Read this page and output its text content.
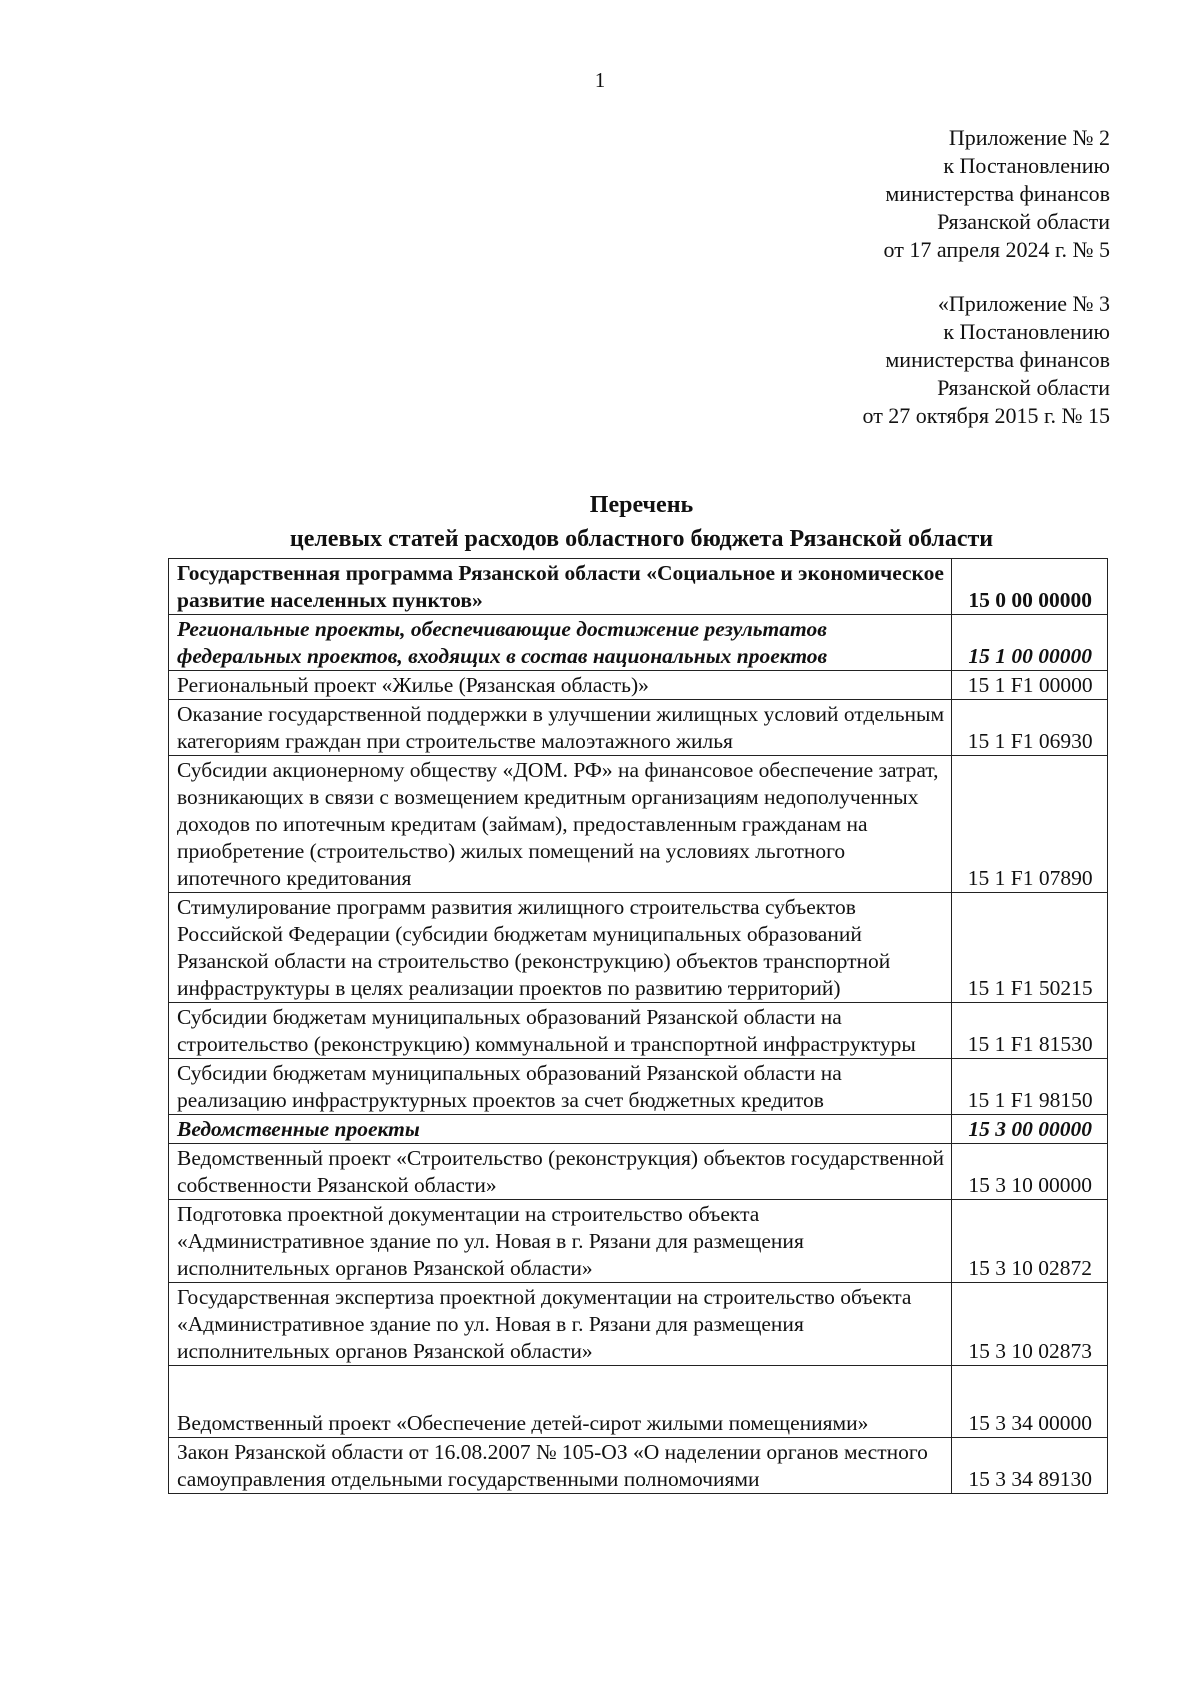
1
Приложение № 2
к Постановлению
министерства финансов
Рязанской области
от 17 апреля 2024 г. № 5
«Приложение № 3
к Постановлению
министерства финансов
Рязанской области
от 27 октября 2015 г. № 15
Перечень
целевых статей расходов областного бюджета Рязанской области
Государственная программа Рязанской области «Социальное и экономическое развитие населенных пунктов»	15 0 00 00000
Региональные проекты, обеспечивающие достижение результатов федеральных проектов, входящих в состав национальных проектов	15 1 00 00000
Региональный проект «Жилье (Рязанская область)»	15 1 F1 00000
Оказание государственной поддержки в улучшении жилищных условий отдельным категориям граждан при строительстве малоэтажного жилья	15 1 F1 06930
Субсидии акционерному обществу «ДОМ. РФ» на финансовое обеспечение затрат, возникающих в связи с возмещением кредитным организациям недополученных доходов по ипотечным кредитам (займам), предоставленным гражданам на приобретение (строительство) жилых помещений на условиях льготного ипотечного кредитования	15 1 F1 07890
Стимулирование программ развития жилищного строительства субъектов Российской Федерации (субсидии бюджетам муниципальных образований Рязанской области на строительство (реконструкцию) объектов транспортной инфраструктуры в целях реализации проектов по развитию территорий)	15 1 F1 50215
Субсидии бюджетам муниципальных образований Рязанской области на строительство (реконструкцию) коммунальной и транспортной инфраструктуры	15 1 F1 81530
Субсидии бюджетам муниципальных образований Рязанской области на реализацию инфраструктурных проектов за счет бюджетных кредитов	15 1 F1 98150
Ведомственные проекты	15 3 00 00000
Ведомственный проект «Строительство (реконструкция) объектов государственной собственности Рязанской области»	15 3 10 00000
Подготовка проектной документации на строительство объекта «Административное здание по ул. Новая в г. Рязани для размещения исполнительных органов Рязанской области»	15 3 10 02872
Государственная экспертиза проектной документации на строительство объекта «Административное здание по ул. Новая в г. Рязани для размещения исполнительных органов Рязанской области»	15 3 10 02873
Ведомственный проект «Обеспечение детей-сирот жилыми помещениями»	15 3 34 00000
Закон Рязанской области от 16.08.2007 № 105-ОЗ «О наделении органов местного самоуправления отдельными государственными полномочиями	15 3 34 89130
